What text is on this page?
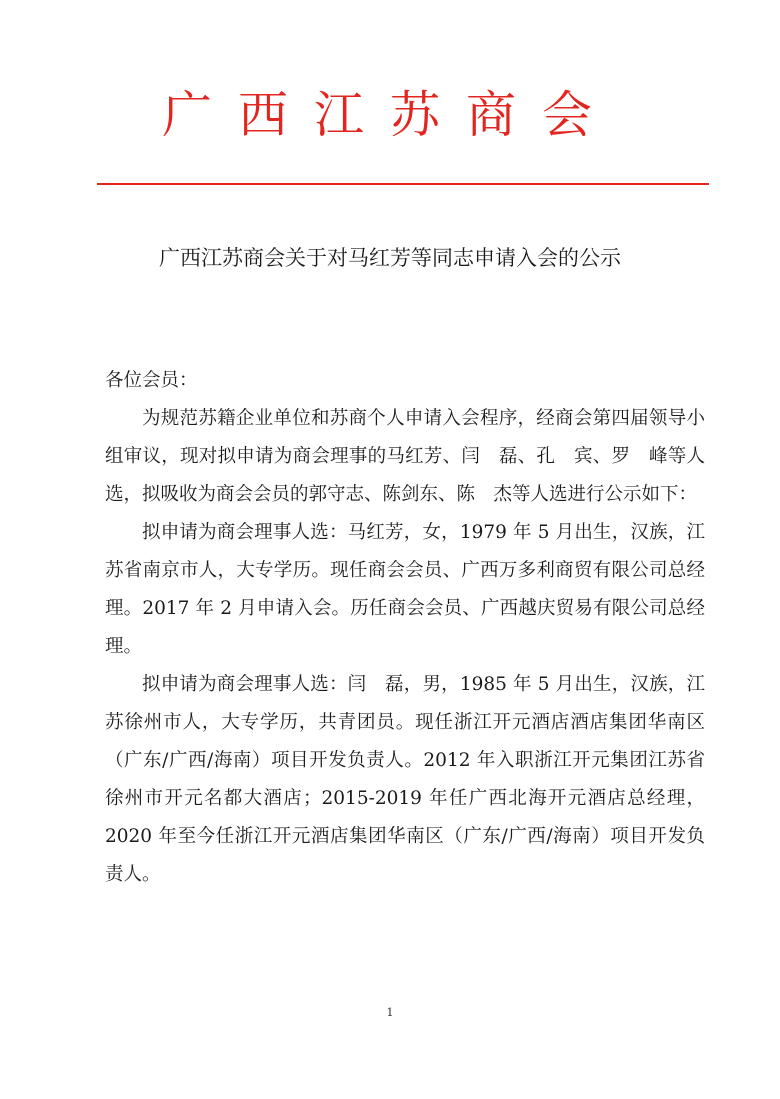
广西江苏商会
广西江苏商会关于对马红芳等同志申请入会的公示

各位会员：

为规范苏籍企业单位和苏商个人申请入会程序，经商会第四届领导小组审议，现对拟申请为商会理事的马红芳、闫　磊、孔　宾、罗　峰等人选，拟吸收为商会会员的郭守志、陈剑东、陈　杰等人选进行公示如下：

拟申请为商会理事人选：马红芳，女，1979 年 5 月出生，汉族，江苏省南京市人，大专学历。现任商会会员、广西万多利商贸有限公司总经理。2017 年 2 月申请入会。历任商会会员、广西越庆贸易有限公司总经理。

拟申请为商会理事人选：闫　磊，男，1985 年 5 月出生，汉族，江苏徐州市人，大专学历，共青团员。现任浙江开元酒店酒店集团华南区（广东/广西/海南）项目开发负责人。2012 年入职浙江开元集团江苏省徐州市开元名都大酒店；2015-2019 年任广西北海开元酒店总经理，2020 年至今任浙江开元酒店集团华南区（广东/广西/海南）项目开发负责人。

1
